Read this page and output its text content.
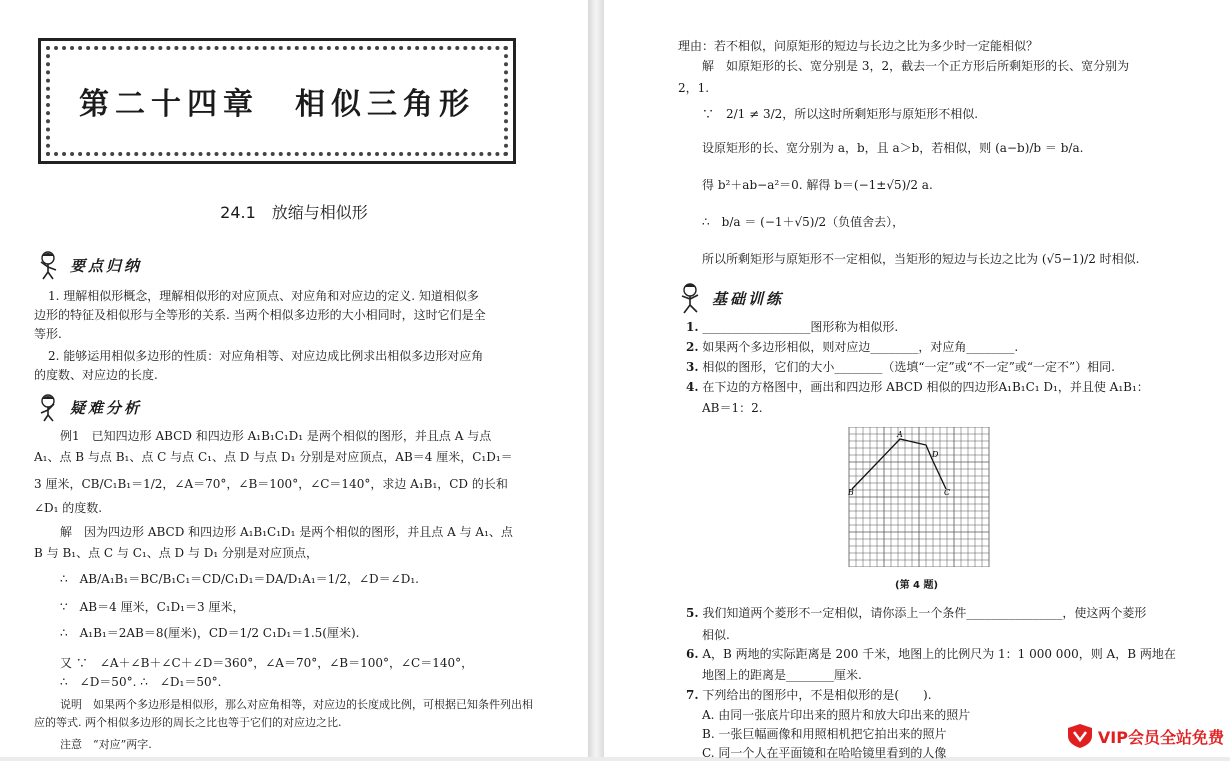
第二十四章　相似三角形
24.1　放缩与相似形
要点归纳
疑难分析
1. 理解相似形概念，理解相似形的对应顶点、对应角和对应边的定义. 知道相似多
边形的特征及相似形与全等形的关系. 当两个相似多边形的大小相同时，这时它们是全
等形.
2. 能够运用相似多边形的性质：对应角相等、对应边成比例求出相似多边形对应角
的度数、对应边的长度.
例1　已知四边形 ABCD 和四边形 A₁B₁C₁D₁ 是两个相似的图形，并且点 A 与点
A₁、点 B 与点 B₁、点 C 与点 C₁、点 D 与点 D₁ 分别是对应顶点，AB＝4 厘米，C₁D₁＝
3 厘米，CB/C₁B₁＝1/2，∠A＝70°，∠B＝100°，∠C＝140°，求边 A₁B₁，CD 的长和
∠D₁ 的度数.
解　因为四边形 ABCD 和四边形 A₁B₁C₁D₁ 是两个相似的图形，并且点 A 与 A₁、点
B 与 B₁、点 C 与 C₁、点 D 与 D₁ 分别是对应顶点，
∴　AB/A₁B₁＝BC/B₁C₁＝CD/C₁D₁＝DA/D₁A₁＝1/2，∠D＝∠D₁.
∵　AB＝4 厘米，C₁D₁＝3 厘米，
∴　A₁B₁＝2AB＝8(厘米)，CD＝1/2 C₁D₁＝1.5(厘米).
又 ∵　∠A＋∠B＋∠C＋∠D＝360°，∠A＝70°，∠B＝100°，∠C＝140°，
∴　∠D＝50°. ∴　∠D₁＝50°.
说明　如果两个多边形是相似形，那么对应角相等，对应边的长度成比例，可根据已知条件列出相
应的等式. 两个相似多边形的周长之比也等于它们的对应边之比.
注意　“对应”两字.
理由：若不相似，问原矩形的短边与长边之比为多少时一定能相似？
解　如原矩形的长、宽分别是 3，2，截去一个正方形后所剩矩形的长、宽分别为
2，1.
∵　2/1 ≠ 3/2，所以这时所剩矩形与原矩形不相似.
设原矩形的长、宽分别为 a，b，且 a＞b，若相似，则 (a−b)/b ＝ b/a.
得 b²＋ab−a²＝0. 解得 b＝(−1±√5)/2 a.
∴　b/a ＝ (−1＋√5)/2（负值舍去），
所以所剩矩形与原矩形不一定相似，当矩形的短边与长边之比为 (√5−1)/2 时相似.
基础训练
1. __________________图形称为相似形.
2. 如果两个多边形相似，则对应边________，对应角________.
3. 相似的图形，它们的大小________（选填“一定”或“不一定”或“一定不”）相同.
4. 在下边的方格图中，画出和四边形 ABCD 相似的四边形A₁B₁C₁ D₁，并且使 A₁B₁：
AB＝1：2.
A
B	C
D
(第 4 题)
5. 我们知道两个菱形不一定相似，请你添上一个条件________________，使这两个菱形
相似.
6. A，B 两地的实际距离是 200 千米，地图上的比例尺为 1：1 000 000，则 A，B 两地在
地图上的距离是________厘米.
7. 下列给出的图形中，不是相似形的是(　　).
A. 由同一张底片印出来的照片和放大印出来的照片
B. 一张巨幅画像和用照相机把它拍出来的照片
C. 同一个人在平面镜和在哈哈镜里看到的人像
VIP会员全站免费
